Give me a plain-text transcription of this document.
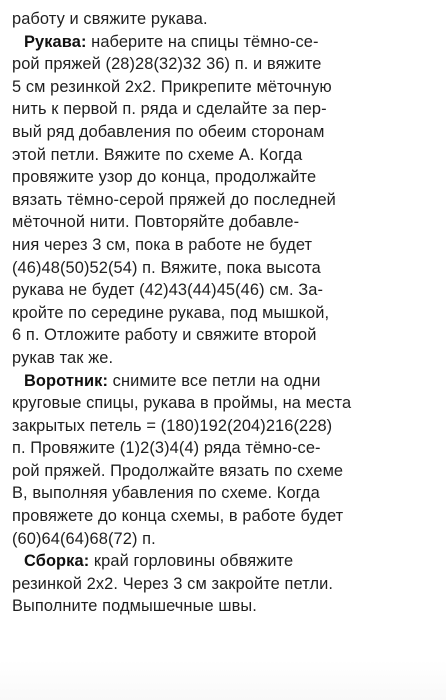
работу и свяжите рукава.
Рукава: наберите на спицы тёмно-се-
рой пряжей (28)28(32)32 36) п. и вяжите
5 см резинкой 2х2. Прикрепите мёточную
нить к первой п. ряда и сделайте за пер-
вый ряд добавления по обеим сторонам
этой петли. Вяжите по схеме А. Когда
провяжите узор до конца, продолжайте
вязать тёмно-серой пряжей до последней
мёточной нити. Повторяйте добавле-
ния через 3 см, пока в работе не будет
(46)48(50)52(54) п. Вяжите, пока высота
рукава не будет (42)43(44)45(46) см. За-
кройте по середине рукава, под мышкой,
6 п. Отложите работу и свяжите второй
рукав так же.
Воротник: снимите все петли на одни
круговые спицы, рукава в проймы, на места
закрытых петель = (180)192(204)216(228)
п. Провяжите (1)2(3)4(4) ряда тёмно-се-
рой пряжей. Продолжайте вязать по схеме
В, выполняя убавления по схеме. Когда
провяжете до конца схемы, в работе будет
(60)64(64)68(72) п.
Сборка: край горловины обвяжите
резинкой 2х2. Через 3 см закройте петли.
Выполните подмышечные швы.
